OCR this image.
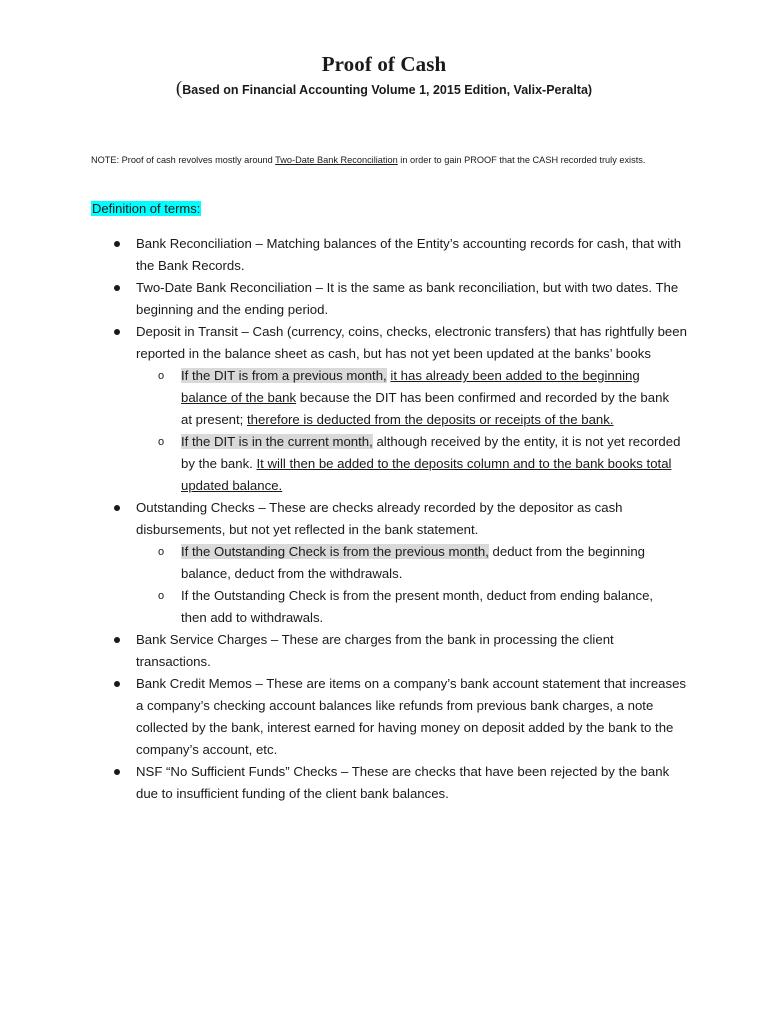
Proof of Cash
(Based on Financial Accounting Volume 1, 2015 Edition, Valix-Peralta)
NOTE: Proof of cash revolves mostly around Two-Date Bank Reconciliation in order to gain PROOF that the CASH recorded truly exists.
Definition of terms:
Bank Reconciliation – Matching balances of the Entity’s accounting records for cash, that with the Bank Records.
Two-Date Bank Reconciliation – It is the same as bank reconciliation, but with two dates. The beginning and the ending period.
Deposit in Transit – Cash (currency, coins, checks, electronic transfers) that has rightfully been reported in the balance sheet as cash, but has not yet been updated at the banks’ books
o If the DIT is from a previous month, it has already been added to the beginning balance of the bank because the DIT has been confirmed and recorded by the bank at present; therefore is deducted from the deposits or receipts of the bank.
o If the DIT is in the current month, although received by the entity, it is not yet recorded by the bank. It will then be added to the deposits column and to the bank books total updated balance.
Outstanding Checks – These are checks already recorded by the depositor as cash disbursements, but not yet reflected in the bank statement.
o If the Outstanding Check is from the previous month, deduct from the beginning balance, deduct from the withdrawals.
o If the Outstanding Check is from the present month, deduct from ending balance, then add to withdrawals.
Bank Service Charges – These are charges from the bank in processing the client transactions.
Bank Credit Memos – These are items on a company’s bank account statement that increases a company’s checking account balances like refunds from previous bank charges, a note collected by the bank, interest earned for having money on deposit added by the bank to the company’s account, etc.
NSF “No Sufficient Funds” Checks – These are checks that have been rejected by the bank due to insufficient funding of the client bank balances.
